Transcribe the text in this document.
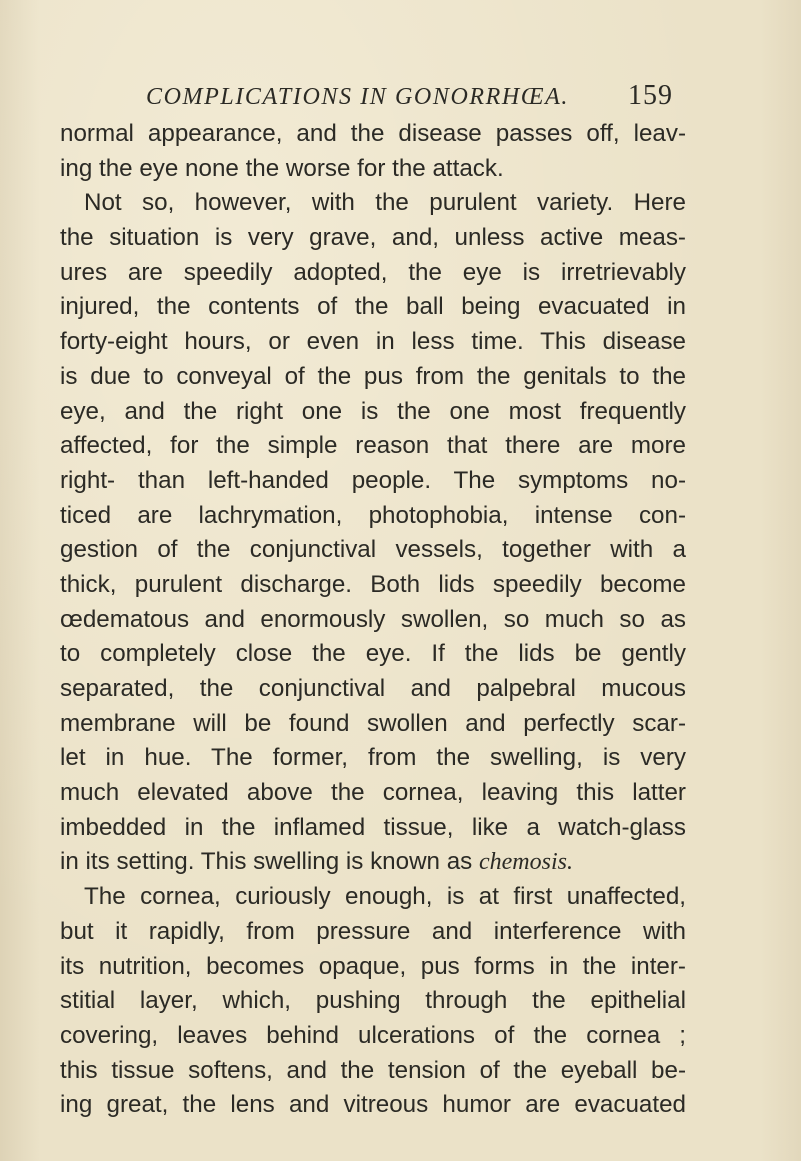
COMPLICATIONS IN GONORRHŒA.	159
normal appearance, and the disease passes off, leav-
ing the eye none the worse for the attack.
Not so, however, with the purulent variety. Here
the situation is very grave, and, unless active meas-
ures are speedily adopted, the eye is irretrievably
injured, the contents of the ball being evacuated in
forty-eight hours, or even in less time. This disease
is due to conveyal of the pus from the genitals to the
eye, and the right one is the one most frequently
affected, for the simple reason that there are more
right- than left-handed people. The symptoms no-
ticed are lachrymation, photophobia, intense con-
gestion of the conjunctival vessels, together with a
thick, purulent discharge. Both lids speedily become
œdematous and enormously swollen, so much so as
to completely close the eye. If the lids be gently
separated, the conjunctival and palpebral mucous
membrane will be found swollen and perfectly scar-
let in hue. The former, from the swelling, is very
much elevated above the cornea, leaving this latter
imbedded in the inflamed tissue, like a watch-glass
in its setting. This swelling is known as chemosis.
The cornea, curiously enough, is at first unaffected,
but it rapidly, from pressure and interference with
its nutrition, becomes opaque, pus forms in the inter-
stitial layer, which, pushing through the epithelial
covering, leaves behind ulcerations of the cornea ;
this tissue softens, and the tension of the eyeball be-
ing great, the lens and vitreous humor are evacuated
